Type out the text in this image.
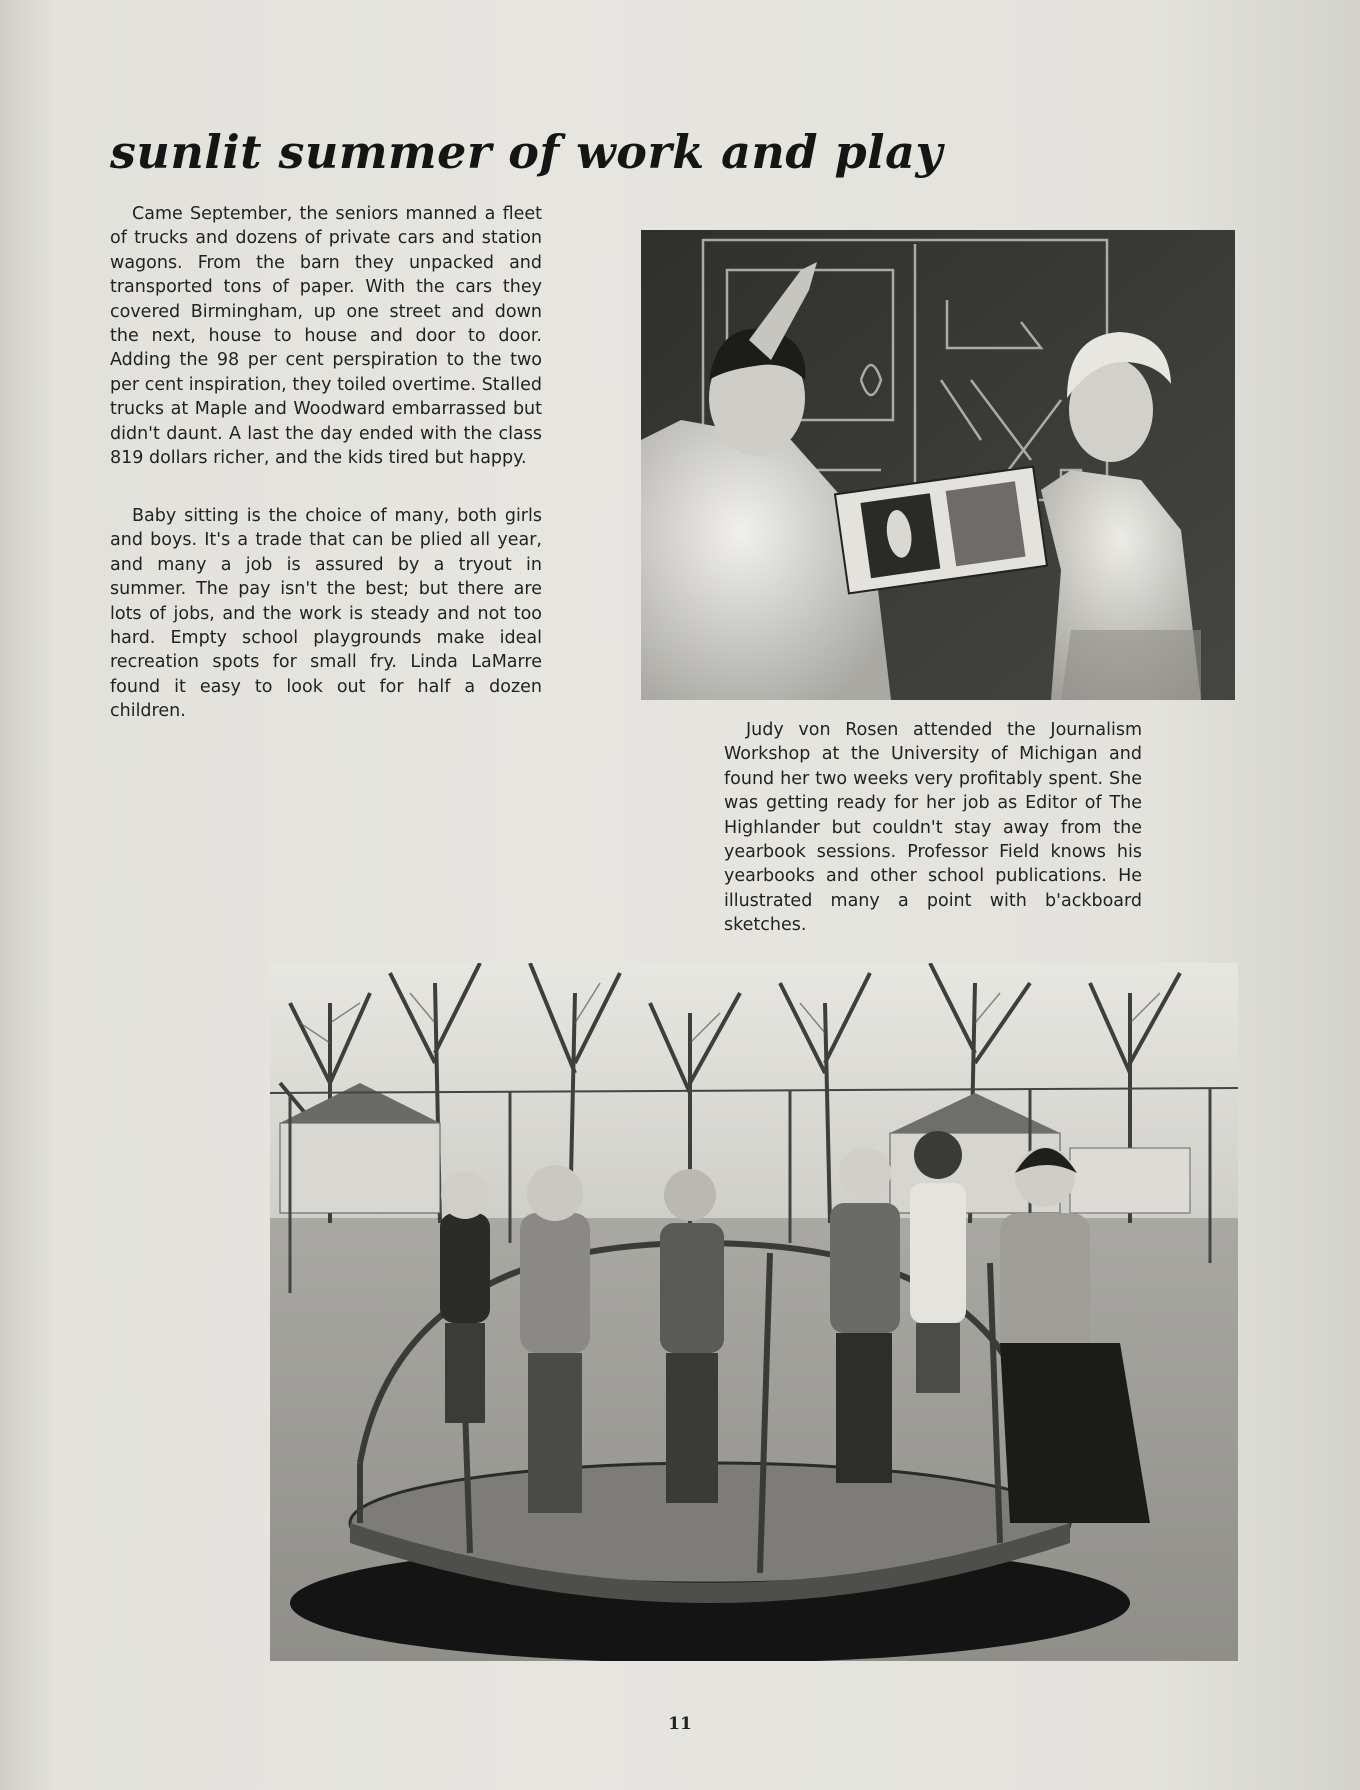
sunlit summer of work and play

Came September, the seniors manned a fleet of trucks and dozens of private cars and station wagons. From the barn they unpacked and transported tons of paper. With the cars they covered Birmingham, up one street and down the next, house to house and door to door. Adding the 98 per cent perspiration to the two per cent inspiration, they toiled overtime. Stalled trucks at Maple and Woodward embarrassed but didn't daunt. A last the day ended with the class 819 dollars richer, and the kids tired but happy.

Baby sitting is the choice of many, both girls and boys. It's a trade that can be plied all year, and many a job is assured by a tryout in summer. The pay isn't the best; but there are lots of jobs, and the work is steady and not too hard. Empty school playgrounds make ideal recreation spots for small fry. Linda LaMarre found it easy to look out for half a dozen children.

Judy von Rosen attended the Journalism Workshop at the University of Michigan and found her two weeks very profitably spent. She was getting ready for her job as Editor of The Highlander but couldn't stay away from the yearbook sessions. Professor Field knows his yearbooks and other school publications. He illustrated many a point with b'ackboard sketches.

11
